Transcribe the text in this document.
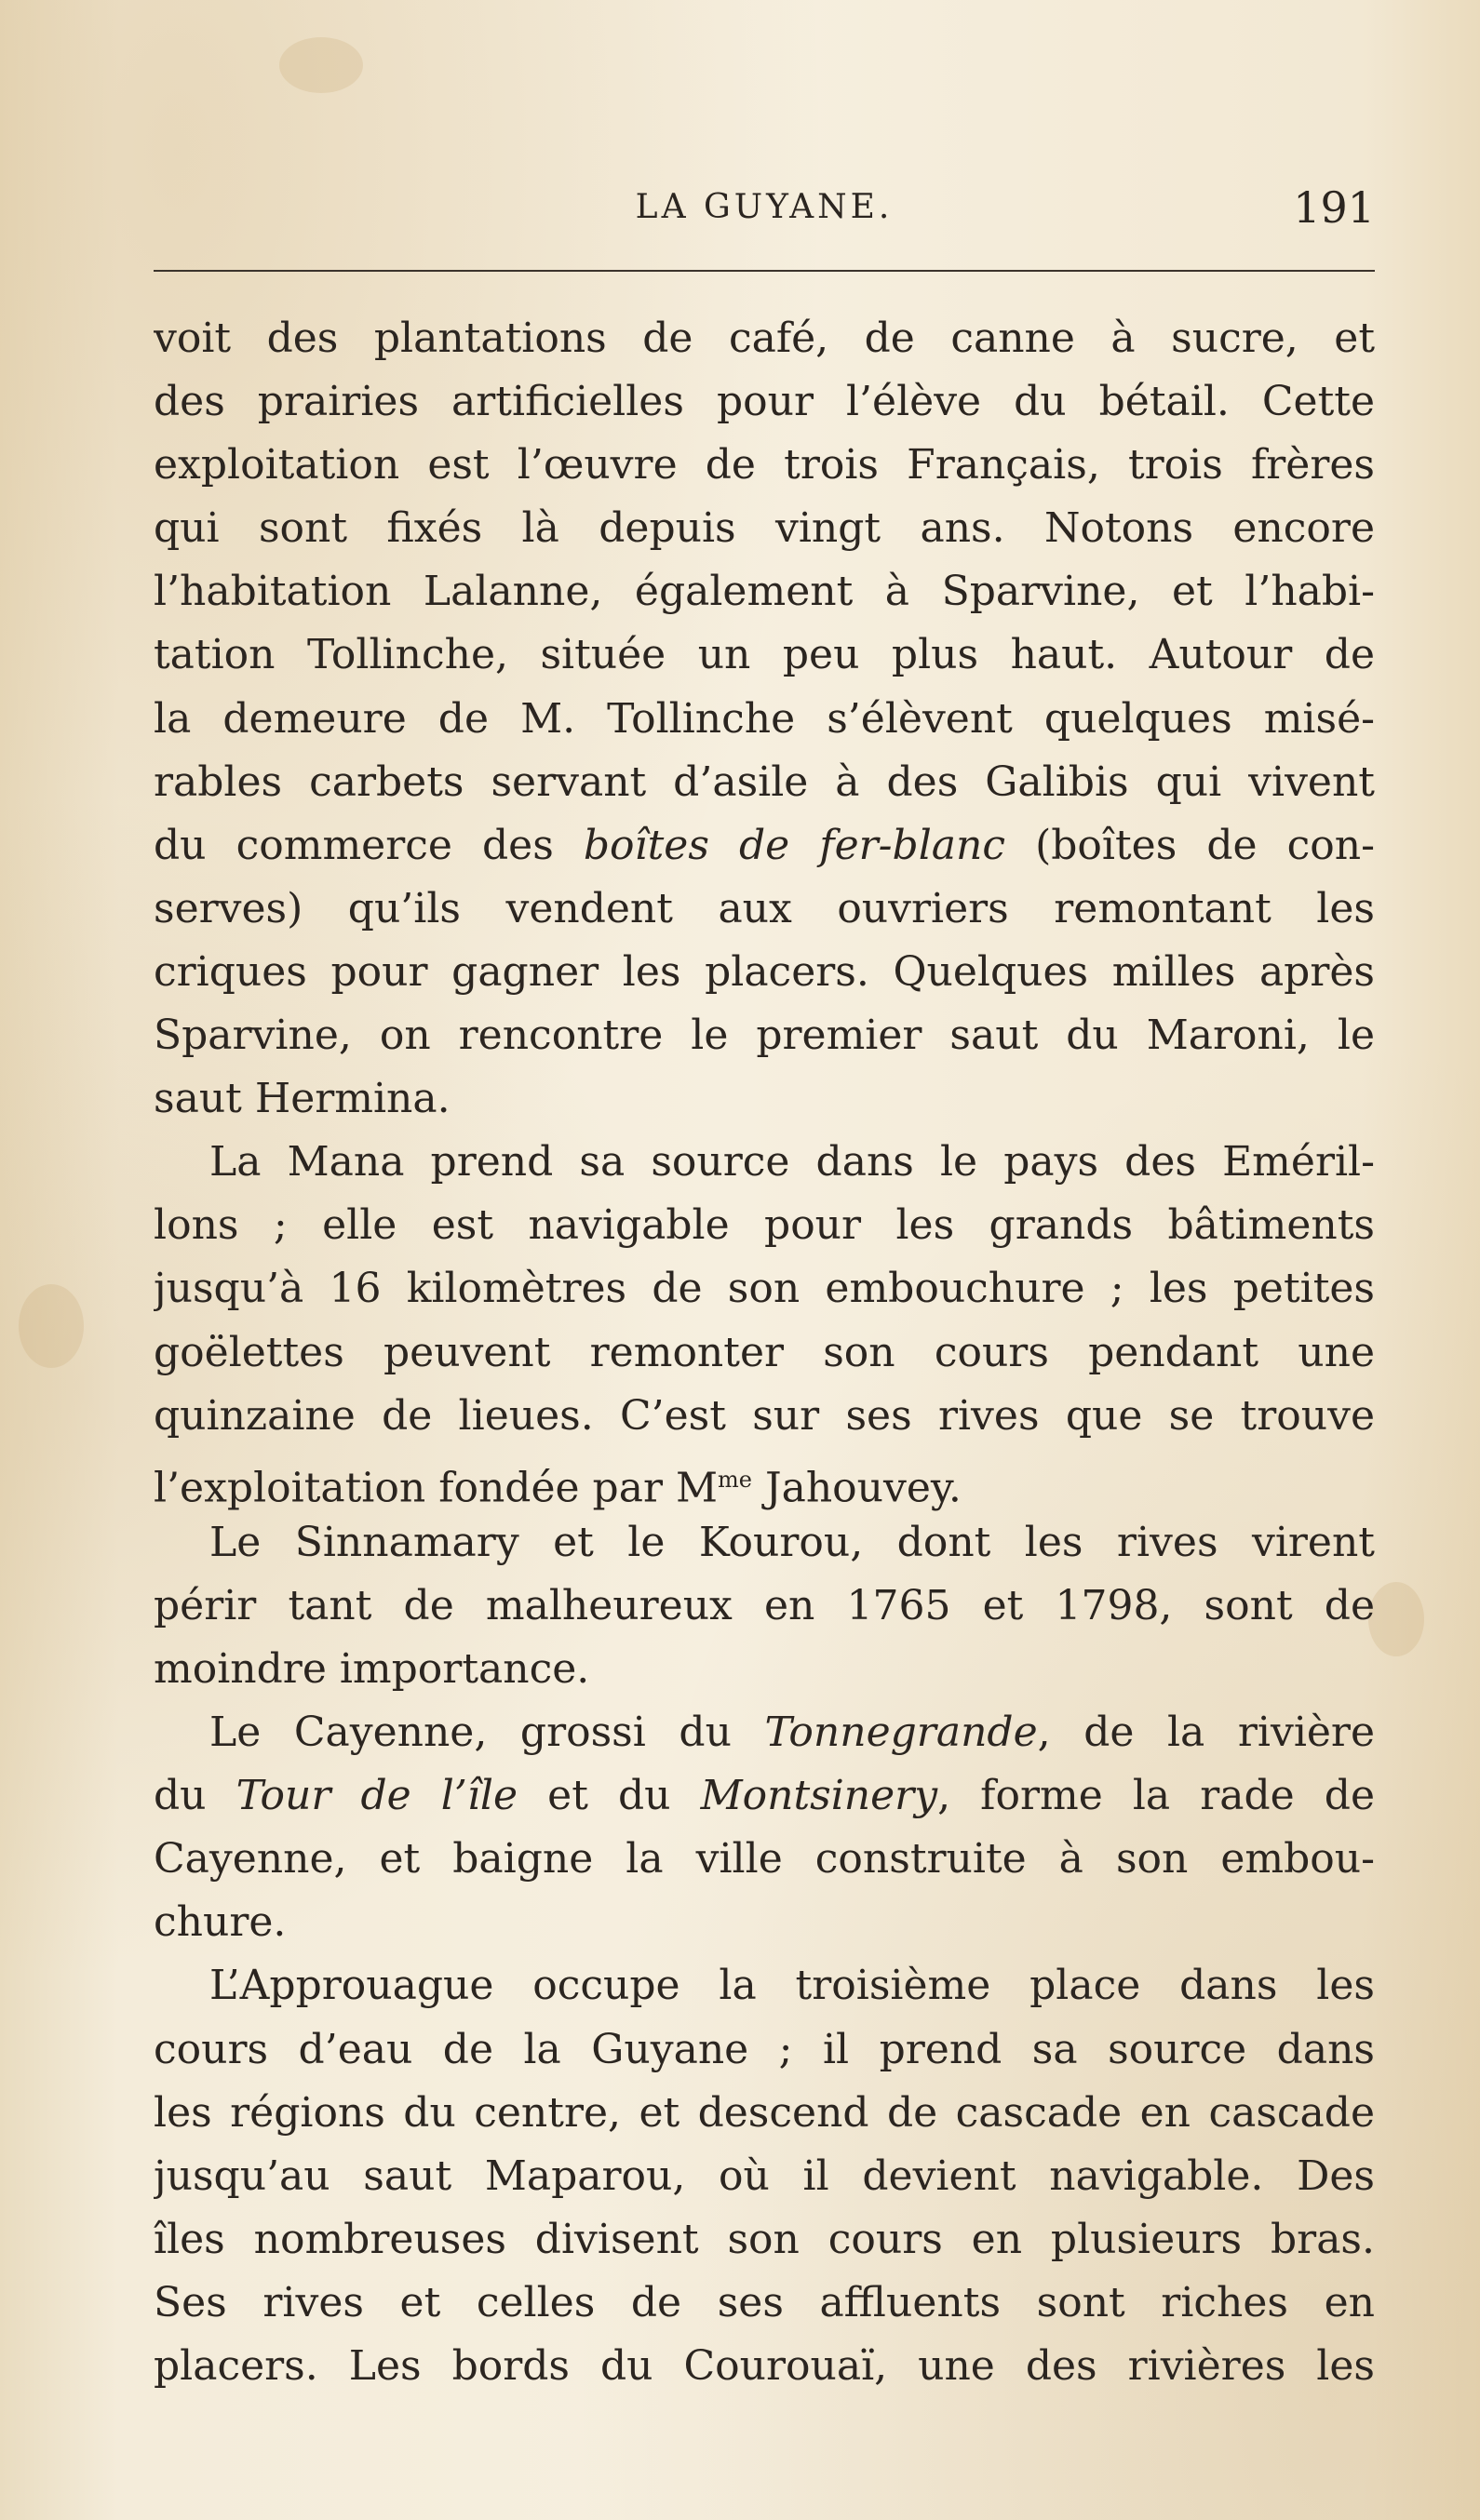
LA GUYANE.	191
voit des plantations de café, de canne à sucre, et
des prairies artificielles pour l’élève du bétail. Cette
exploitation est l’œuvre de trois Français, trois frères
qui sont fixés là depuis vingt ans. Notons encore
l’habitation Lalanne, également à Sparvine, et l’habi-
tation Tollinche, située un peu plus haut. Autour de
la demeure de M. Tollinche s’élèvent quelques misé-
rables carbets servant d’asile à des Galibis qui vivent
du commerce des boîtes de fer-blanc (boîtes de con-
serves) qu’ils vendent aux ouvriers remontant les
criques pour gagner les placers. Quelques milles après
Sparvine, on rencontre le premier saut du Maroni, le
saut Hermina.
La Mana prend sa source dans le pays des Eméril-
lons ; elle est navigable pour les grands bâtiments
jusqu’à 16 kilomètres de son embouchure ; les petites
goëlettes peuvent remonter son cours pendant une
quinzaine de lieues. C’est sur ses rives que se trouve
l’exploitation fondée par $M^{me}$ Jahouvey.
Le Sinnamary et le Kourou, dont les rives virent
périr tant de malheureux en 1765 et 1798, sont de
moindre importance.
Le Cayenne, grossi du Tonnegrande, de la rivière
du Tour de l’île et du Montsinery, forme la rade de
Cayenne, et baigne la ville construite à son embou-
chure.
L’Approuague occupe la troisième place dans les
cours d’eau de la Guyane ; il prend sa source dans
les régions du centre, et descend de cascade en cascade
jusqu’au saut Maparou, où il devient navigable. Des
îles nombreuses divisent son cours en plusieurs bras.
Ses rives et celles de ses affluents sont riches en
placers. Les bords du Courouaï, une des rivières les
